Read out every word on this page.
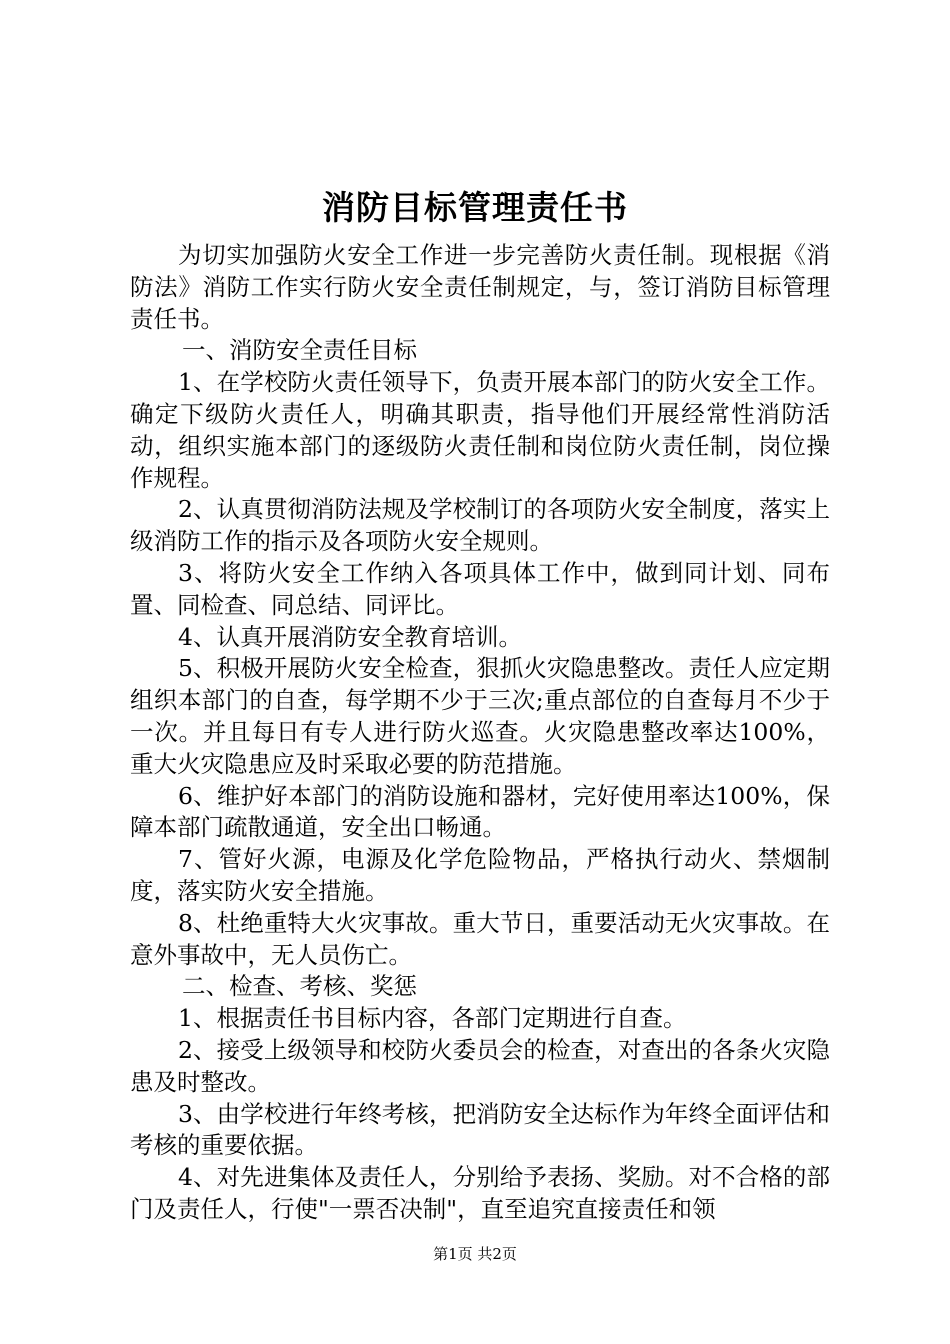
消防目标管理责任书

为切实加强防火安全工作进一步完善防火责任制。现根据《消防法》消防工作实行防火安全责任制规定，与，签订消防目标管理责任书。

一、消防安全责任目标

1、在学校防火责任领导下，负责开展本部门的防火安全工作。确定下级防火责任人，明确其职责，指导他们开展经常性消防活动，组织实施本部门的逐级防火责任制和岗位防火责任制，岗位操作规程。

2、认真贯彻消防法规及学校制订的各项防火安全制度，落实上级消防工作的指示及各项防火安全规则。

3、将防火安全工作纳入各项具体工作中，做到同计划、同布置、同检查、同总结、同评比。

4、认真开展消防安全教育培训。

5、积极开展防火安全检查，狠抓火灾隐患整改。责任人应定期组织本部门的自查，每学期不少于三次;重点部位的自查每月不少于一次。并且每日有专人进行防火巡查。火灾隐患整改率达100%，重大火灾隐患应及时采取必要的防范措施。

6、维护好本部门的消防设施和器材，完好使用率达100%，保障本部门疏散通道，安全出口畅通。

7、管好火源，电源及化学危险物品，严格执行动火、禁烟制度，落实防火安全措施。

8、杜绝重特大火灾事故。重大节日，重要活动无火灾事故。在意外事故中，无人员伤亡。

二、检查、考核、奖惩

1、根据责任书目标内容，各部门定期进行自查。

2、接受上级领导和校防火委员会的检查，对查出的各条火灾隐患及时整改。

3、由学校进行年终考核，把消防安全达标作为年终全面评估和考核的重要依据。

4、对先进集体及责任人，分别给予表扬、奖励。对不合格的部门及责任人，行使"一票否决制"，直至追究直接责任和领

第1页 共2页
